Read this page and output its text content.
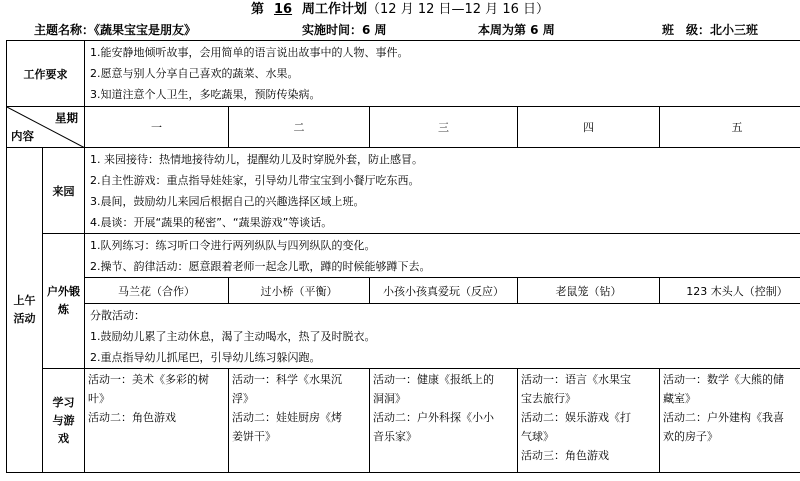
第 16 周工作计划（12 月 12 日—12 月 16 日）
主题名称：《蔬果宝宝是朋友》	实施时间：6 周	本周为第 6 周	班　级：北小三班
工作要求		1.能安静地倾听故事，会用简单的语言说出故事中的人物、事件。
2.愿意与别人分享自己喜欢的蔬菜、水果。
3.知道注意个人卫生，多吃蔬果，预防传染病。				

星期
内容		一	二	三	四	五
上午活动	来园	1. 来园接待：热情地接待幼儿，提醒幼儿及时穿脱外套，防止感冒。
2.自主性游戏：重点指导娃娃家，引导幼儿带宝宝到小餐厅吃东西。
3.晨间，鼓励幼儿来园后根据自己的兴趣选择区域上班。
4.晨谈：开展“蔬果的秘密”、“蔬果游戏”等谈话。				

	户外锻炼	1.队列练习：练习听口令进行两列纵队与四列纵队的变化。
2.操节、韵律活动：愿意跟着老师一起念儿歌，蹲的时候能够蹲下去。				

		马兰花（合作）	过小桥（平衡）	小孩小孩真爱玩（反应）	老鼠笼（钻）	123 木头人（控制）

		分散活动：
1.鼓励幼儿累了主动休息，渴了主动喝水，热了及时脱衣。
2.重点指导幼儿抓尾巴，引导幼儿练习躲闪跑。				

	学习与游戏	活动一：美术《多彩的树
叶》
活动二：角色游戏	活动一：科学《水果沉
浮》
活动二：娃娃厨房《烤
姜饼干》	活动一：健康《报纸上的
洞洞》
活动二：户外科探《小小
音乐家》	活动一：语言《水果宝
宝去旅行》
活动二：娱乐游戏《打
气球》
活动三：角色游戏	活动一：数学《大熊的储
藏室》
活动二：户外建构《我喜
欢的房子》
